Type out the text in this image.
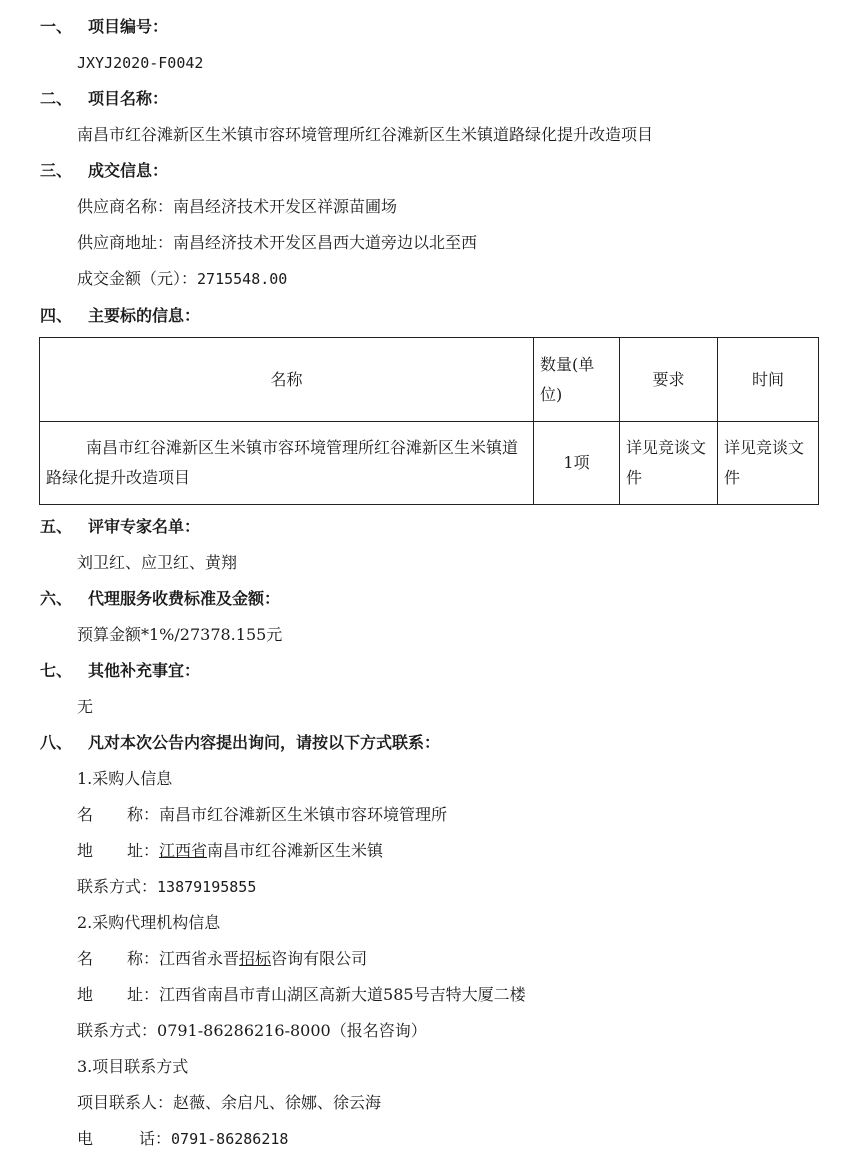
一、 项目编号：
JXYJ2020-F0042
二、 项目名称：
南昌市红谷滩新区生米镇市容环境管理所红谷滩新区生米镇道路绿化提升改造项目
三、 成交信息：
供应商名称：南昌经济技术开发区祥源苗圃场
供应商地址：南昌经济技术开发区昌西大道旁边以北至西
成交金额（元）：2715548.00
四、 主要标的信息：
名称	数量(单位)	要求	时间
南昌市红谷滩新区生米镇市容环境管理所红谷滩新区生米镇道路绿化提升改造项目	1项	详见竞谈文件	详见竞谈文件
五、 评审专家名单：
刘卫红、应卫红、黄翔
六、 代理服务收费标准及金额：
预算金额*1%/27378.155元
七、 其他补充事宜：
无
八、 凡对本次公告内容提出询问，请按以下方式联系：
1.采购人信息
名 称：南昌市红谷滩新区生米镇市容环境管理所
地 址：江西省南昌市红谷滩新区生米镇
联系方式：13879195855
2.采购代理机构信息
名 称：江西省永晋招标咨询有限公司
地 址：江西省南昌市青山湖区高新大道585号吉特大厦二楼
联系方式：0791-86286216-8000（报名咨询）
3.项目联系方式
项目联系人：赵薇、余启凡、徐娜、徐云海
电	话：0791-86286218
